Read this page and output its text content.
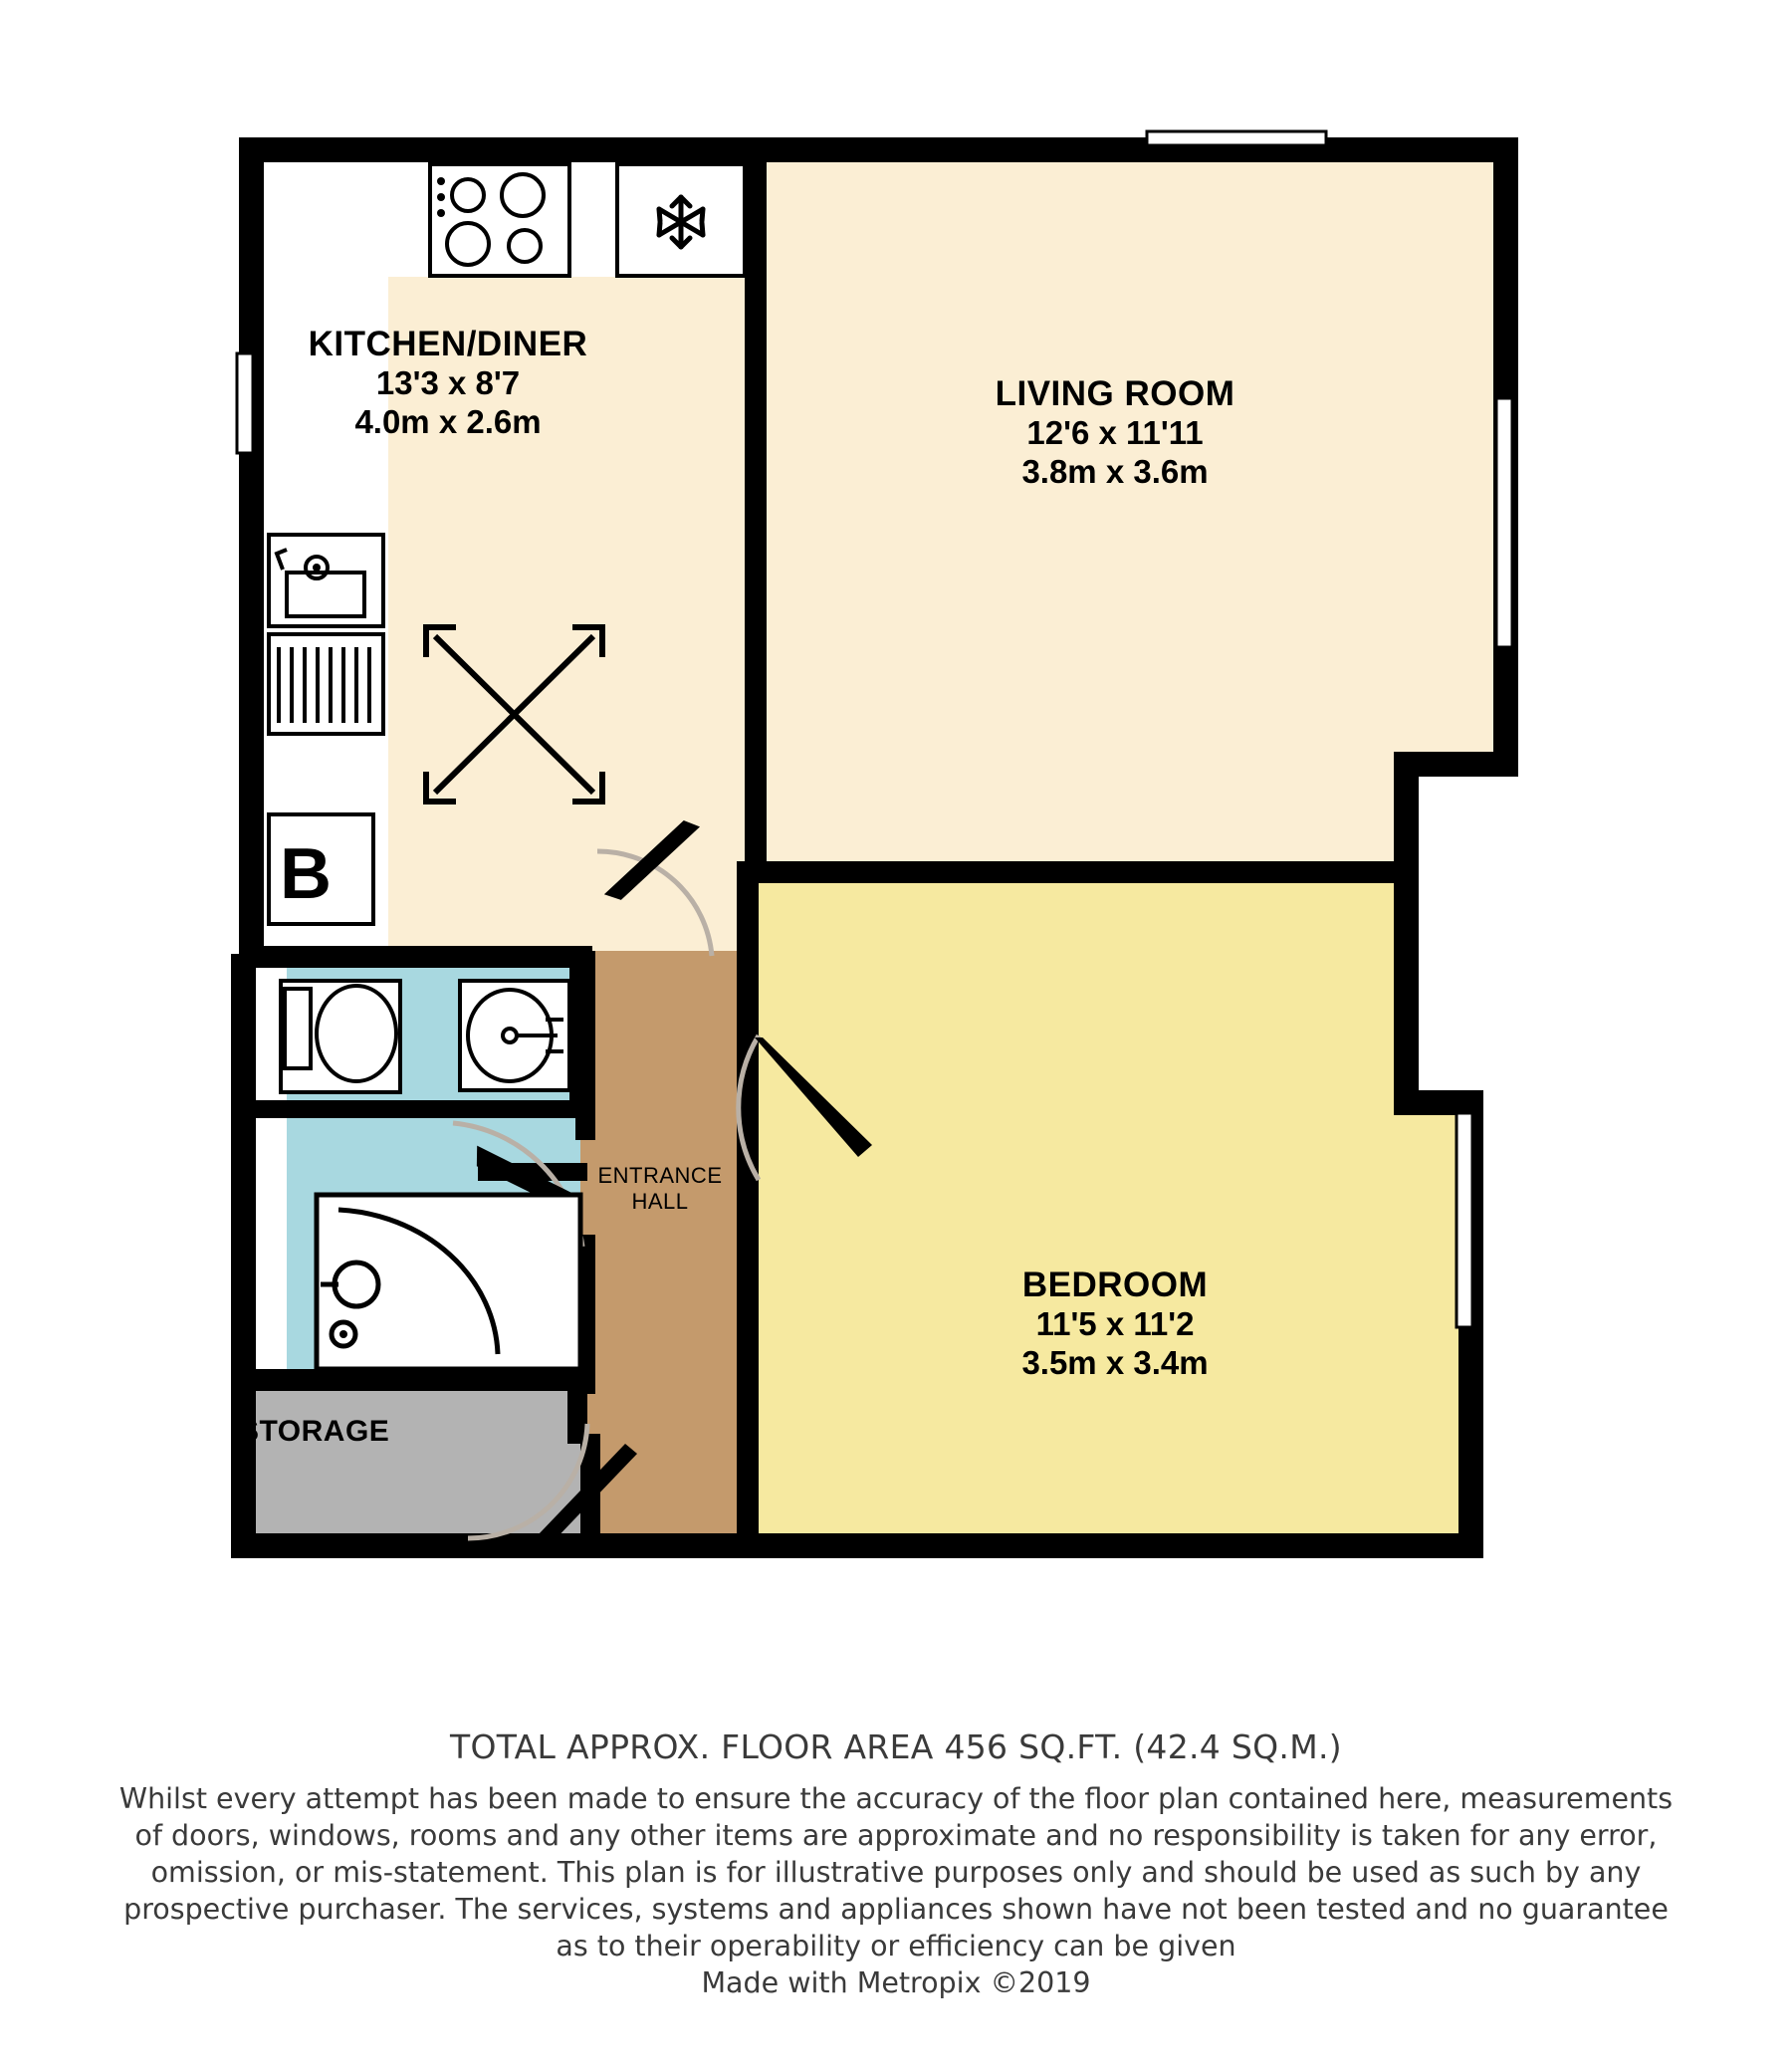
B
KITCHEN/DINER
13'3 x 8'7
4.0m x 2.6m
LIVING ROOM
12'6 x 11'11
3.8m x 3.6m
BEDROOM
11'5 x 11'2
3.5m x 3.4m
ENTRANCE
HALL
STORAGE
TOTAL APPROX. FLOOR AREA 456 SQ.FT. (42.4 SQ.M.)
Whilst every attempt has been made to ensure the accuracy of the floor plan contained here, measurements
of doors, windows, rooms and any other items are approximate and no responsibility is taken for any error,
omission, or mis-statement. This plan is for illustrative purposes only and should be used as such by any
prospective purchaser. The services, systems and appliances shown have not been tested and no guarantee
as to their operability or efficiency can be given
Made with Metropix ©2019
